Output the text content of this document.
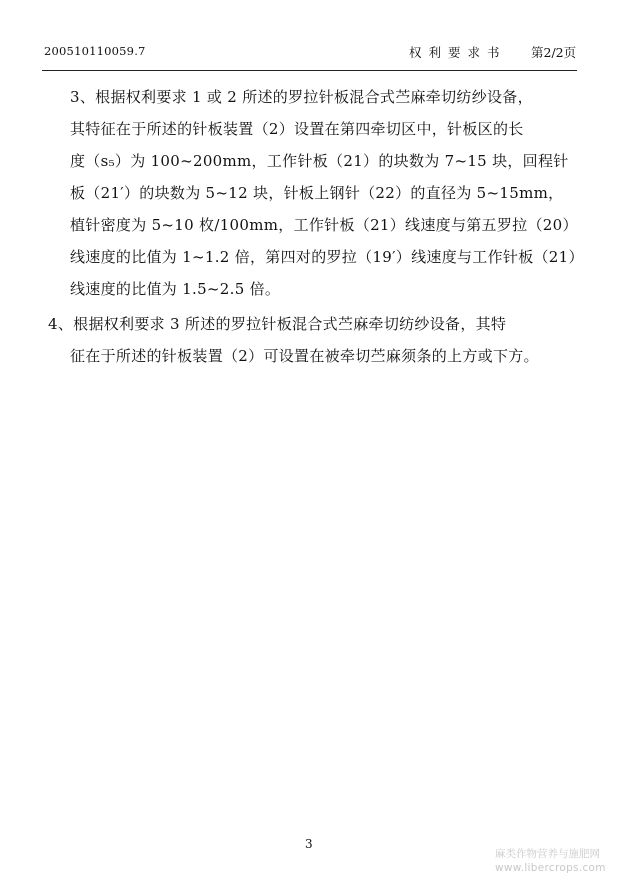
200510110059.7	权利要求书 第2/2页
3、根据权利要求 1 或 2 所述的罗拉针板混合式苎麻牵切纺纱设备，
其特征在于所述的针板装置（2）设置在第四牵切区中，针板区的长
度（s₅）为 100~200mm，工作针板（21）的块数为 7~15 块，回程针
板（21′）的块数为 5~12 块，针板上钢针（22）的直径为 5~15mm，
植针密度为 5~10 枚/100mm，工作针板（21）线速度与第五罗拉（20）
线速度的比值为 1~1.2 倍，第四对的罗拉（19′）线速度与工作针板（21）
线速度的比值为 1.5~2.5 倍。
4、根据权利要求 3 所述的罗拉针板混合式苎麻牵切纺纱设备，其特
征在于所述的针板装置（2）可设置在被牵切苎麻须条的上方或下方。
3
麻类作物营养与施肥网
www.libercrops.com
